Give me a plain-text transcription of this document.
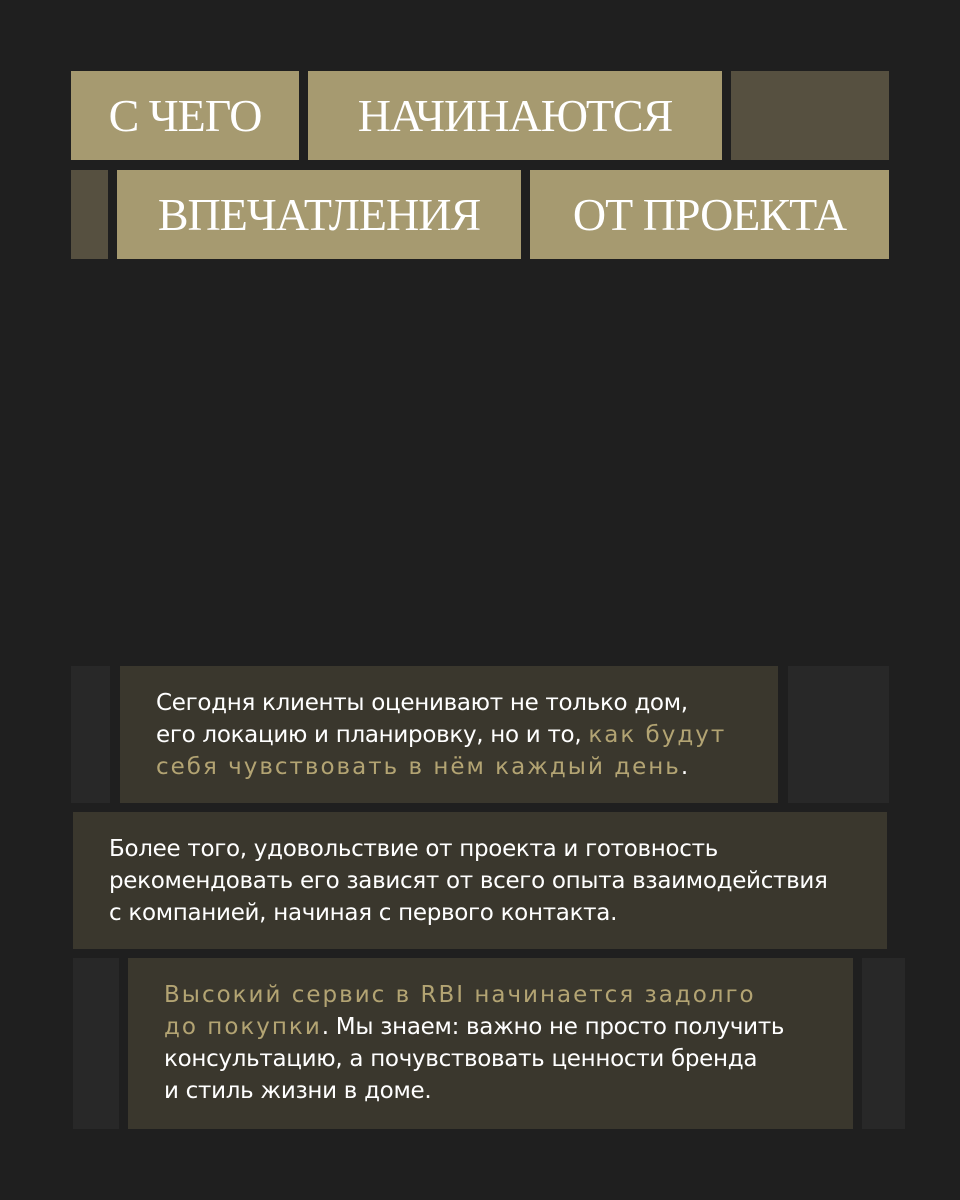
С ЧЕГО НАЧИНАЮТСЯ
ВПЕЧАТЛЕНИЯ ОТ ПРОЕКТА

Сегодня клиенты оценивают не только дом,

его локацию и планировку, но и то, как будут

себя чувствовать в нём каждый день.

Более того, удовольствие от проекта и готовность

рекомендовать его зависят от всего опыта взаимодействия

с компанией, начиная с первого контакта.

Высокий сервис в RBI начинается задолго

до покупки. Мы знаем: важно не просто получить

консультацию, а почувствовать ценности бренда

и стиль жизни в доме.
